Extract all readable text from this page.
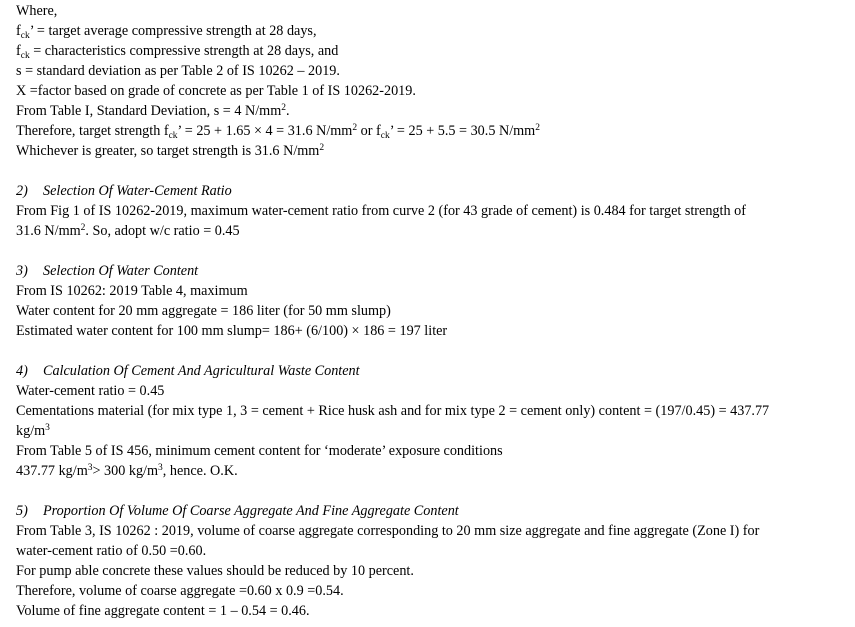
Where,
$f_{ck}$’ = target average compressive strength at 28 days,
$f_{ck}$ = characteristics compressive strength at 28 days, and
s = standard deviation as per Table 2 of IS 10262 – 2019.
X =factor based on grade of concrete as per Table 1 of IS 10262-2019.
From Table I, Standard Deviation, s = 4 $N/mm^2$.
Therefore, target strength $f_{ck}$’ = 25 + 1.65 × 4 = 31.6 $N/mm^2$ or $f_{ck}$’ = 25 + 5.5 = 30.5 $N/mm^2$
Whichever is greater, so target strength is 31.6 $N/mm^2$
2) Selection Of Water-Cement Ratio
From Fig 1 of IS 10262-2019, maximum water-cement ratio from curve 2 (for 43 grade of cement) is 0.484 for target strength of
31.6 $N/mm^2$. So, adopt w/c ratio = 0.45
3) Selection Of Water Content
From IS 10262: 2019 Table 4, maximum
Water content for 20 mm aggregate = 186 liter (for 50 mm slump)
Estimated water content for 100 mm slump= 186+ (6/100) × 186 = 197 liter
4) Calculation Of Cement And Agricultural Waste Content
Water-cement ratio = 0.45
Cementations material (for mix type 1, 3 = cement + Rice husk ash and for mix type 2 = cement only) content = (197/0.45) = 437.77
$kg/m^3$
From Table 5 of IS 456, minimum cement content for ‘moderate’ exposure conditions
437.77 $kg/m^3> 300$ $kg/m^3$, hence. O.K.
5) Proportion Of Volume Of Coarse Aggregate And Fine Aggregate Content
From Table 3, IS 10262 : 2019, volume of coarse aggregate corresponding to 20 mm size aggregate and fine aggregate (Zone I) for
water-cement ratio of 0.50 =0.60.
For pump able concrete these values should be reduced by 10 percent.
Therefore, volume of coarse aggregate =0.60 x 0.9 =0.54.
Volume of fine aggregate content = 1 – 0.54 = 0.46.
